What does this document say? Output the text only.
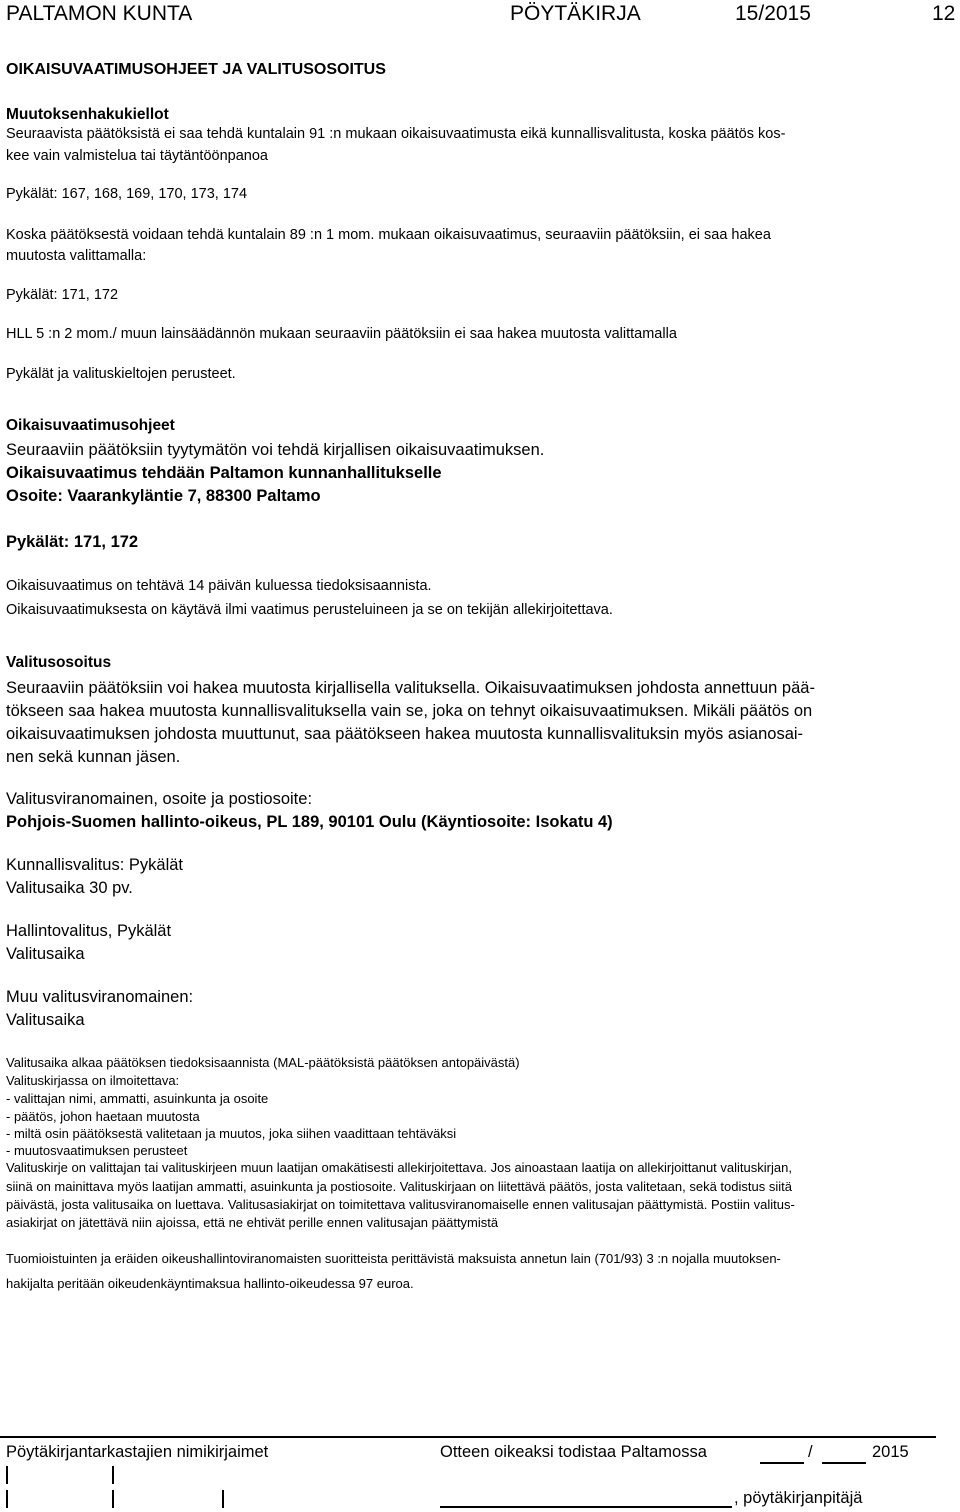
PALTAMON KUNTA	PÖYTÄKIRJA	15/2015	12
OIKAISUVAATIMUSOHJEET JA VALITUSOSOITUS
Muutoksenhakukiellot
Seuraavista päätöksistä ei saa tehdä kuntalain 91 :n mukaan oikaisuvaatimusta eikä kunnallisvalitusta, koska päätös kos-
kee vain valmistelua tai täytäntöönpanoa
Pykälät: 167, 168, 169, 170, 173, 174
Koska päätöksestä voidaan tehdä kuntalain 89 :n 1 mom. mukaan oikaisuvaatimus, seuraaviin päätöksiin, ei saa hakea
muutosta valittamalla:
Pykälät: 171, 172
HLL 5 :n 2 mom./ muun lainsäädännön mukaan seuraaviin päätöksiin ei saa hakea muutosta valittamalla
Pykälät ja valituskieltojen perusteet.
Oikaisuvaatimusohjeet
Seuraaviin päätöksiin tyytymätön voi tehdä kirjallisen oikaisuvaatimuksen.
Oikaisuvaatimus tehdään Paltamon kunnanhallitukselle
Osoite: Vaarankyläntie 7, 88300 Paltamo
Pykälät: 171, 172
Oikaisuvaatimus on tehtävä 14 päivän kuluessa tiedoksisaannista.
Oikaisuvaatimuksesta on käytävä ilmi vaatimus perusteluineen ja se on tekijän allekirjoitettava.
Valitusosoitus
Seuraaviin päätöksiin voi hakea muutosta kirjallisella valituksella. Oikaisuvaatimuksen johdosta annettuun pää-
tökseen saa hakea muutosta kunnallisvalituksella vain se, joka on tehnyt oikaisuvaatimuksen. Mikäli päätös on
oikaisuvaatimuksen johdosta muuttunut, saa päätökseen hakea muutosta kunnallisvalituksin myös asianosai-
nen sekä kunnan jäsen.
Valitusviranomainen, osoite ja postiosoite:
Pohjois-Suomen hallinto-oikeus, PL 189, 90101 Oulu (Käyntiosoite: Isokatu 4)
Kunnallisvalitus: Pykälät
Valitusaika 30 pv.
Hallintovalitus, Pykälät
Valitusaika
Muu valitusviranomainen:
Valitusaika
Valitusaika alkaa päätöksen tiedoksisaannista (MAL-päätöksistä päätöksen antopäivästä)
Valituskirjassa on ilmoitettava:
- valittajan nimi, ammatti, asuinkunta ja osoite
- päätös, johon haetaan muutosta
- miltä osin päätöksestä valitetaan ja muutos, joka siihen vaadittaan tehtäväksi
- muutosvaatimuksen perusteet
Valituskirje on valittajan tai valituskirjeen muun laatijan omakätisesti allekirjoitettava. Jos ainoastaan laatija on allekirjoittanut valituskirjan,
siinä on mainittava myös laatijan ammatti, asuinkunta ja postiosoite. Valituskirjaan on liitettävä päätös, josta valitetaan, sekä todistus siitä
päivästä, josta valitusaika on luettava. Valitusasiakirjat on toimitettava valitusviranomaiselle ennen valitusajan päättymistä. Postiin valitus-
asiakirjat on jätettävä niin ajoissa, että ne ehtivät perille ennen valitusajan päättymistä
Tuomioistuinten ja eräiden oikeushallintoviranomaisten suoritteista perittävistä maksuista annetun lain (701/93) 3 :n nojalla muutoksen-
hakijalta peritään oikeudenkäyntimaksua hallinto-oikeudessa 97 euroa.
Pöytäkirjantarkastajien nimikirjaimet	Otteen oikeaksi todistaa Paltamossa	/	2015
, pöytäkirjanpitäjä
